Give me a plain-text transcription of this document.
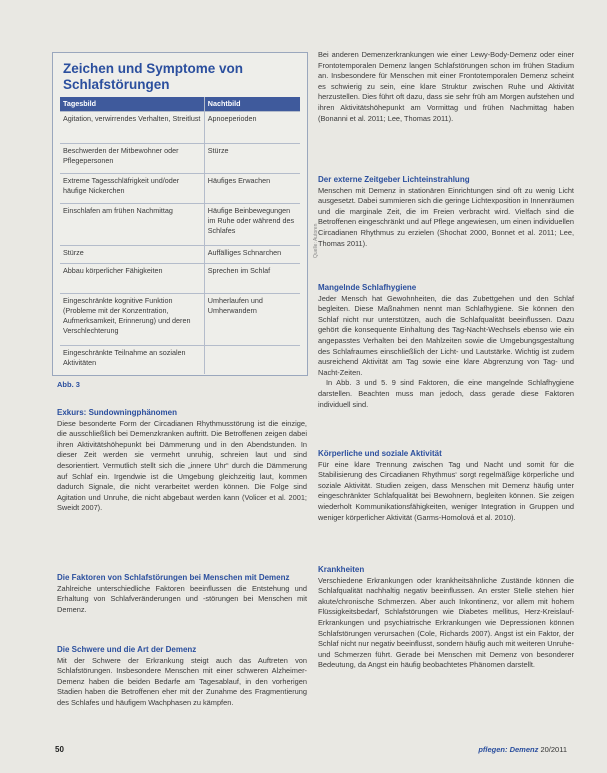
Zeichen und Symptome von Schlafstörungen
Tagesbild	Nachtbild
Agitation, verwirrendes Verhalten, Streitlust	Apnoeperioden
Beschwerden der Mitbewohner oder Pflegepersonen	Stürze
Extreme Tagesschläfrigkeit und/oder häufige Nickerchen	Häufiges Erwachen
Einschlafen am frühen Nachmittag	Häufige Beinbewegungen im Ruhe oder während des Schlafes
Stürze	Auffälliges Schnarchen
Abbau körperlicher Fähigkeiten	Sprechen im Schlaf
Eingeschränkte kognitive Funktion (Probleme mit der Konzentration, Aufmerksamkeit, Erinnerung) und deren Verschlechterung	Umherlaufen und Umherwandern
Eingeschränkte Teilnahme an sozialen Aktivitäten	
Quelle: Autoren
Abb. 3
Exkurs: Sundowningphänomen
Diese besonderte Form der Circadianen Rhythmusstörung ist die einzige, die ausschließlich bei Demenzkranken auftritt. Die Betroffenen zeigen dabei ihren Aktivitätshöhepunkt bei Dämmerung und in den Abendstunden. In dieser Zeit werden sie vermehrt unruhig, schreien laut und sind desorientiert. Vermutlich stellt sich die „innere Uhr“ durch die Dämmerung auf Schlaf ein. Irgendwie ist die Umgebung gleichzeitig laut, kommen dadurch Signale, die nicht verarbeitet werden können. Die Folge sind Agitation und Unruhe, die nicht abgebaut werden kann (Volicer et al. 2001; Sweidt 2007).
Die Faktoren von Schlafstörungen bei Menschen mit Demenz
Zahlreiche unterschiedliche Faktoren beeinflussen die Entstehung und Erhaltung von Schlafveränderungen und -störungen bei Menschen mit Demenz.
Die Schwere und die Art der Demenz
Mit der Schwere der Erkrankung steigt auch das Auftreten von Schlafstörungen. Insbesondere Menschen mit einer schweren Alzheimer-Demenz haben die beiden Bedarfe am Tagesablauf, in den vorherigen Stadien haben die Betroffenen eher mit der Zunahme des Fragmentierung des Schlafes und häufigem Wachphasen zu kämpfen.
Bei anderen Demenzerkrankungen wie einer Lewy-Body-Demenz oder einer Frontotemporalen Demenz langen Schlafstörungen schon im frühen Stadium an. Insbesondere für Menschen mit einer Frontotemporalen Demenz scheint es schwierig zu sein, eine klare Struktur zwischen Ruhe und Aktivität herzustellen. Dies führt oft dazu, dass sie sehr früh am Morgen aufstehen und ihren Aktivitätshöhepunkt am Vormittag und frühen Nachmittag haben (Bonanni et al. 2011; Lee, Thomas 2011).
Der externe Zeitgeber Lichteinstrahlung
Menschen mit Demenz in stationären Einrichtungen sind oft zu wenig Licht ausgesetzt. Dabei summieren sich die geringe Lichtexposition in Innenräumen und die marginale Zeit, die im Freien verbracht wird. Vielfach sind die Betroffenen eingeschränkt und auf Pflege angewiesen, um einen individuellen Circadianen Rhythmus zu erzielen (Shochat 2000, Bonnet et al. 2011; Lee, Thomas 2011).
Mangelnde Schlafhygiene
Jeder Mensch hat Gewohnheiten, die das Zubettgehen und den Schlaf begleiten. Diese Maßnahmen nennt man Schlafhygiene. Sie können den Schlaf nicht nur unterstützen, auch die Schlafqualität beeinflussen. Dazu gehört die konsequente Einhaltung des Tag-Nacht-Wechsels ebenso wie ein angepasstes Verhalten bei den Mahlzeiten sowie die Umgebungsgestaltung des Schlafraumes einschließlich der Licht- und Lautstärke. Wichtig ist zudem ausreichend Aktivität am Tag sowie eine klare Abgrenzung von Tag- und Nacht-Zeiten.
In Abb. 3 und 5. 9 sind Faktoren, die eine mangelnde Schlafhygiene darstellen. Beachten muss man jedoch, dass gerade diese Faktoren individuell sind.
Körperliche und soziale Aktivität
Für eine klare Trennung zwischen Tag und Nacht und somit für die Stabilisierung des Circadianen Rhythmus‘ sorgt regelmäßige körperliche und soziale Aktivität. Studien zeigen, dass Menschen mit Demenz häufig unter eingeschränkter Schlafqualität bei Bewohnern, begleiten können. Sie zeigen wiederholt Kommunikationsfähigkeiten, weniger Integration in Gruppen und weniger körperlicher Aktivität (Garms-Homolová et al. 2010).
Krankheiten
Verschiedene Erkrankungen oder krankheitsähnliche Zustände können die Schlafqualität nachhaltig negativ beeinflussen. An erster Stelle stehen hier akute/chronische Schmerzen. Aber auch Inkontinenz, vor allem mit hohem Flüssigkeitsbedarf, Schlafstörungen wie Diabetes mellitus, Herz-Kreislauf-Erkrankungen und psychiatrische Erkrankungen wie Depressionen können Schlafstörungen verursachen (Cole, Richards 2007). Angst ist ein Faktor, der Schlaf nicht nur negativ beeinflusst, sondern häufig auch mit weiteren Unruhe- und Schmerzen führt. Gerade bei Menschen mit Demenz von besonderer Bedeutung, da Angst ein häufig beobachtetes Phänomen darstellt.
50	pflegen: Demenz 20/2011
